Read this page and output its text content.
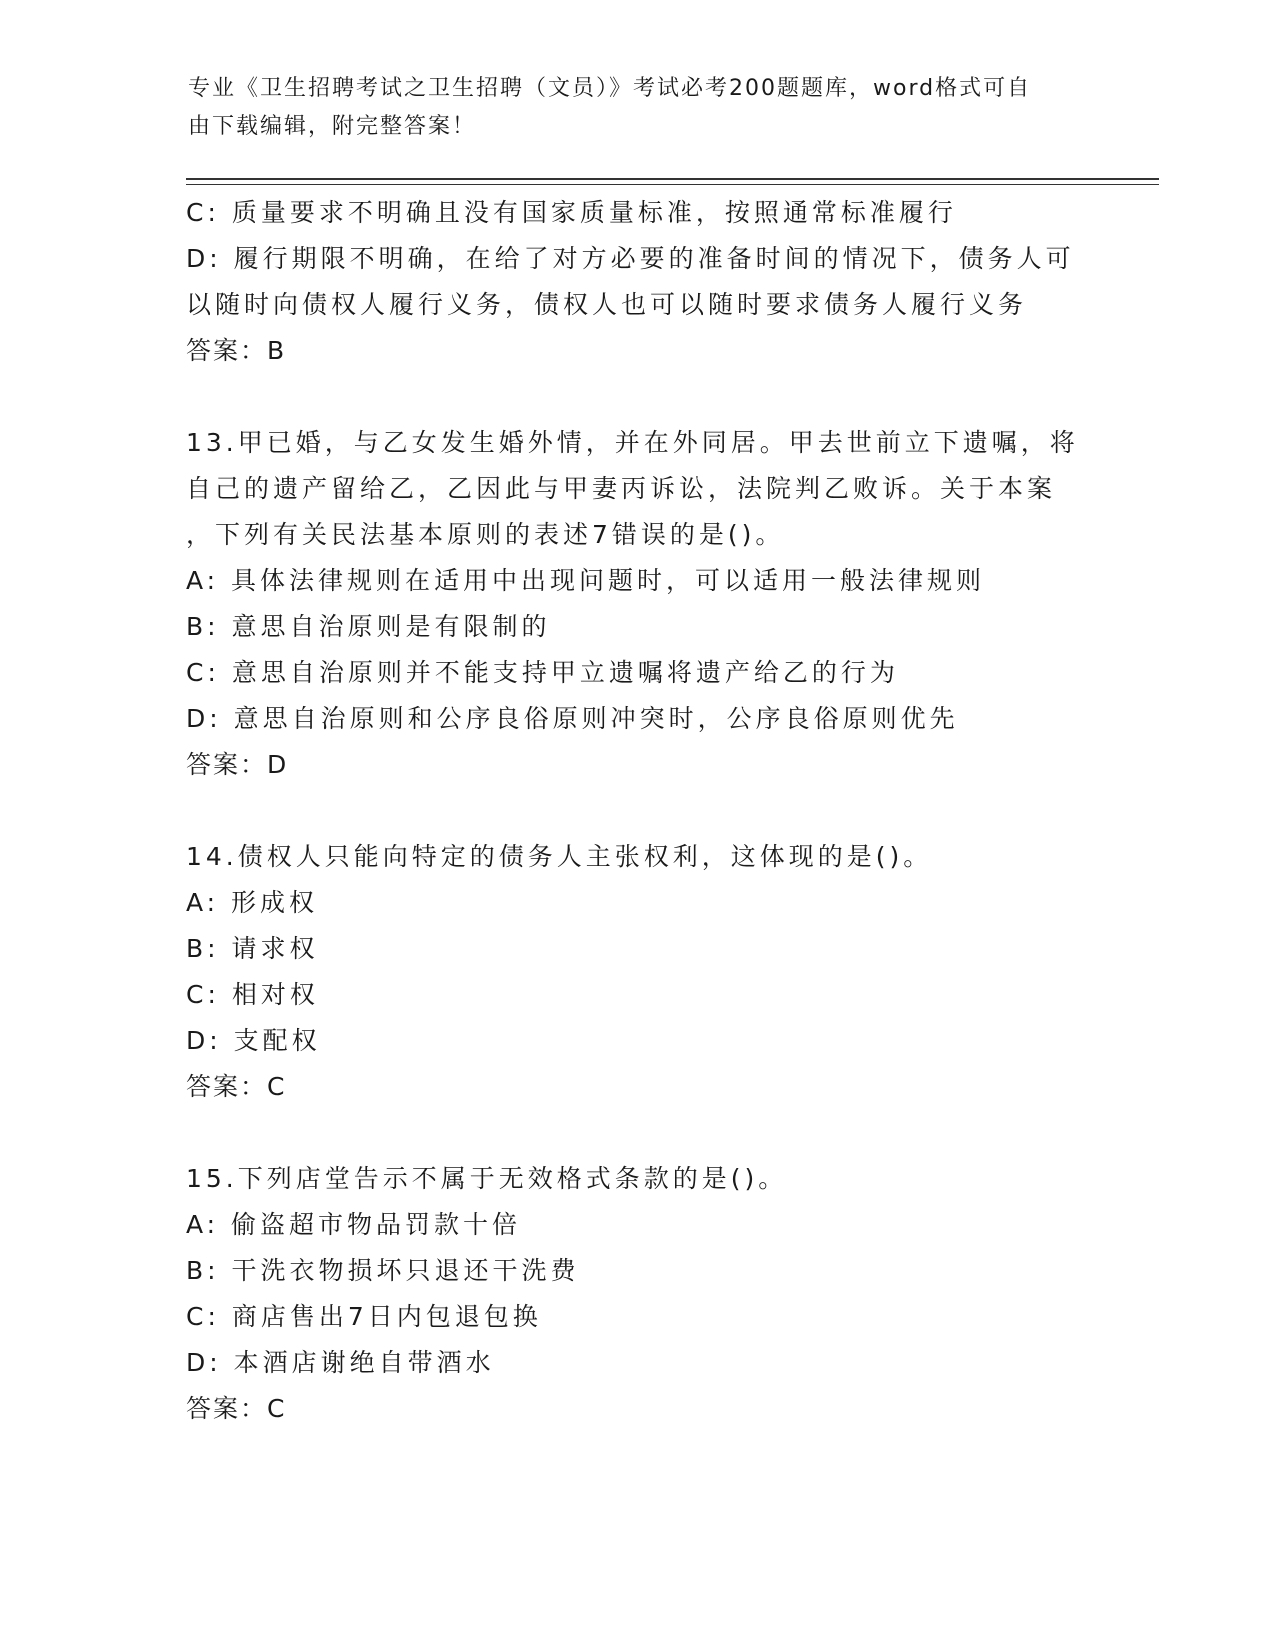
专业《卫生招聘考试之卫生招聘（文员）》考试必考200题题库，word格式可自
由下载编辑，附完整答案！
C: 质量要求不明确且没有国家质量标准，按照通常标准履行
D: 履行期限不明确，在给了对方必要的准备时间的情况下，债务人可
以随时向债权人履行义务，债权人也可以随时要求债务人履行义务
答案：B
13.甲已婚，与乙女发生婚外情，并在外同居。甲去世前立下遗嘱，将
自己的遗产留给乙，乙因此与甲妻丙诉讼，法院判乙败诉。关于本案
，下列有关民法基本原则的表述7错误的是()。
A: 具体法律规则在适用中出现问题时，可以适用一般法律规则
B: 意思自治原则是有限制的
C: 意思自治原则并不能支持甲立遗嘱将遗产给乙的行为
D: 意思自治原则和公序良俗原则冲突时，公序良俗原则优先
答案：D
14.债权人只能向特定的债务人主张权利，这体现的是()。
A: 形成权
B: 请求权
C: 相对权
D: 支配权
答案：C
15.下列店堂告示不属于无效格式条款的是()。
A: 偷盗超市物品罚款十倍
B: 干洗衣物损坏只退还干洗费
C: 商店售出7日内包退包换
D: 本酒店谢绝自带酒水
答案：C
